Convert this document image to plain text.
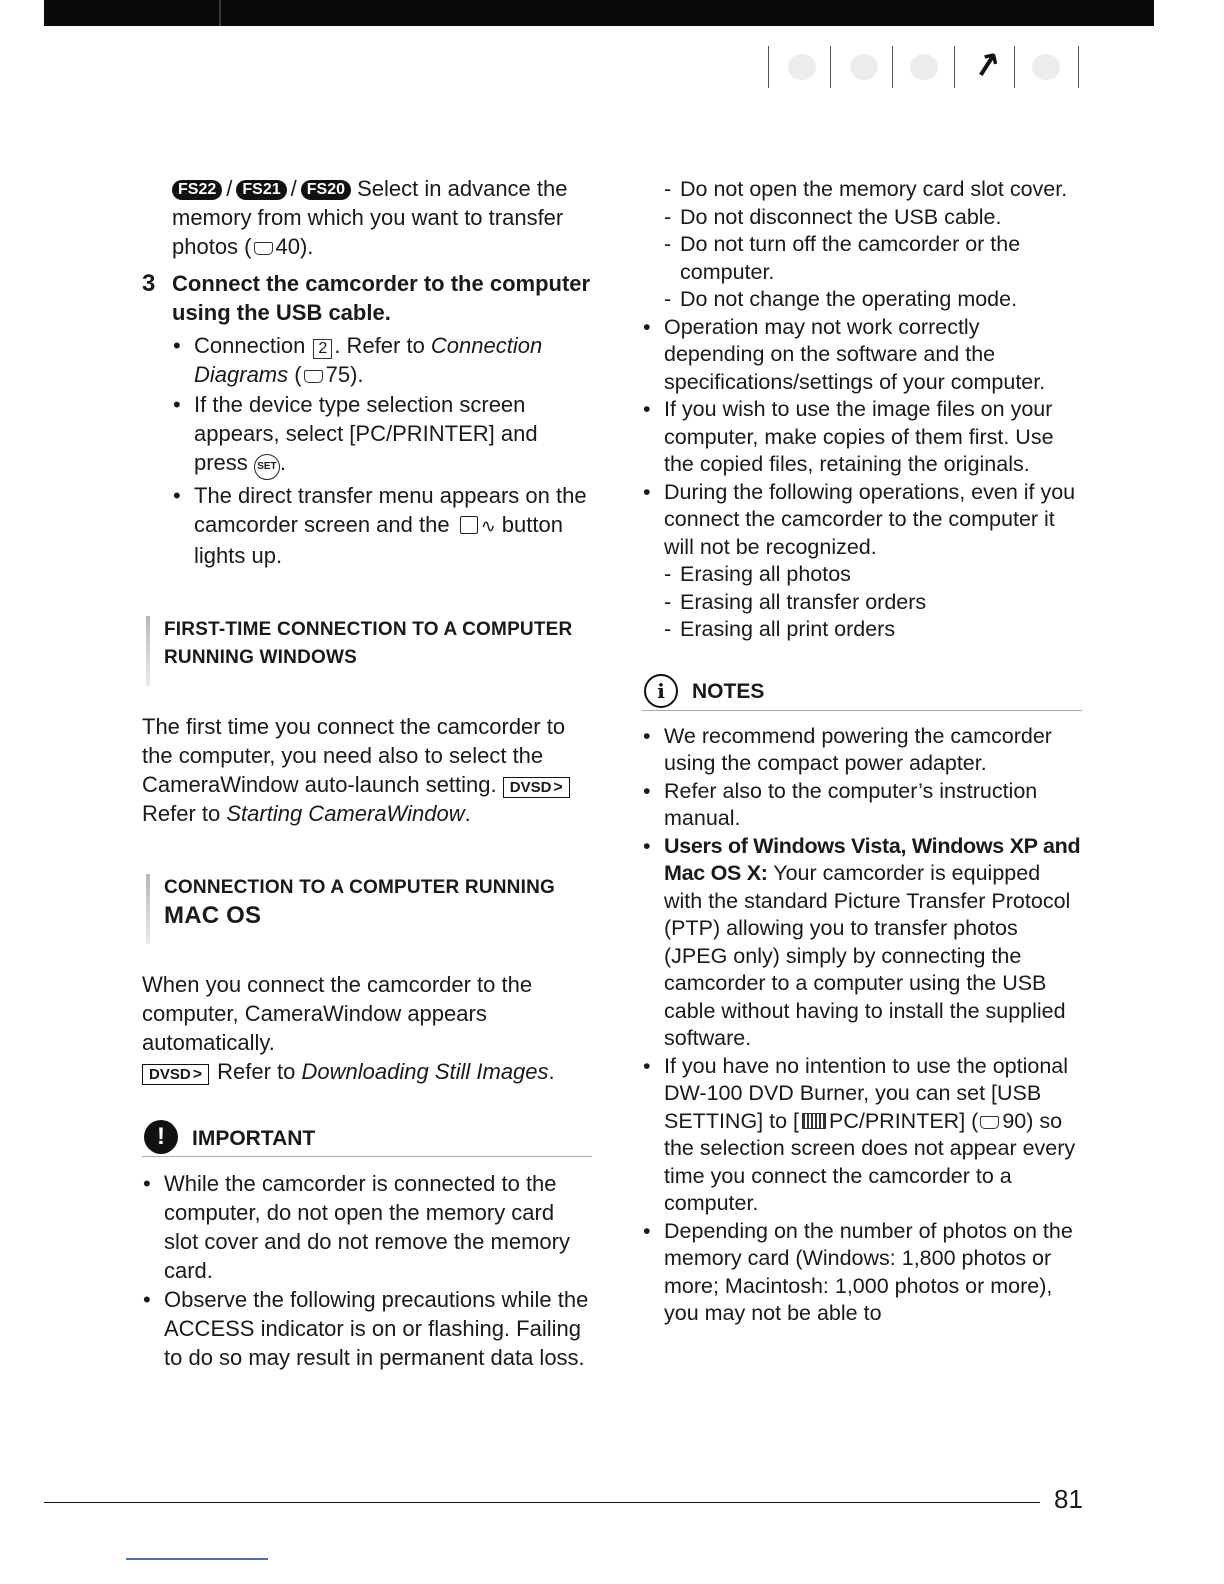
↗
FS22 / FS21 / FS20 Select in advance the memory from which you want to transfer photos ( 40).
3 Connect the camcorder to the computer using the USB cable.
• Connection 2 . Refer to Connection Diagrams ( 75).
• If the device type selection screen appears, select [PC/PRINTER] and press SET .
• The direct transfer menu appears on the camcorder screen and the ∿ button lights up.
FIRST-TIME CONNECTION TO A COMPUTER
RUNNING WINDOWS
The first time you connect the camcorder to the computer, you need also to select the CameraWindow auto-launch setting. DVSD > Refer to Starting CameraWindow.
CONNECTION TO A COMPUTER RUNNING
MAC OS
When you connect the camcorder to the computer, CameraWindow appears automatically.
DVSD > Refer to Downloading Still Images.
!	IMPORTANT
• While the camcorder is connected to the computer, do not open the memory card slot cover and do not remove the memory card.
• Observe the following precautions while the ACCESS indicator is on or flashing. Failing to do so may result in permanent data loss.
- Do not open the memory card slot cover.
- Do not disconnect the USB cable.
- Do not turn off the camcorder or the computer.
- Do not change the operating mode.
• Operation may not work correctly depending on the software and the specifications/settings of your computer.
• If you wish to use the image files on your computer, make copies of them first. Use the copied files, retaining the originals.
• During the following operations, even if you connect the camcorder to the computer it will not be recognized.
- Erasing all photos
- Erasing all transfer orders
- Erasing all print orders
i	NOTES
• We recommend powering the camcorder using the compact power adapter.
• Refer also to the computer’s instruction manual.
• Users of Windows Vista, Windows XP and Mac OS X: Your camcorder is equipped with the standard Picture Transfer Protocol (PTP) allowing you to transfer photos (JPEG only) simply by connecting the camcorder to a computer using the USB cable without having to install the supplied software.
• If you have no intention to use the optional DW-100 DVD Burner, you can set [USB SETTING] to [ PC/PRINTER] ( 90) so the selection screen does not appear every time you connect the camcorder to a computer.
• Depending on the number of photos on the memory card (Windows: 1,800 photos or more; Macintosh: 1,000 photos or more), you may not be able to
81
